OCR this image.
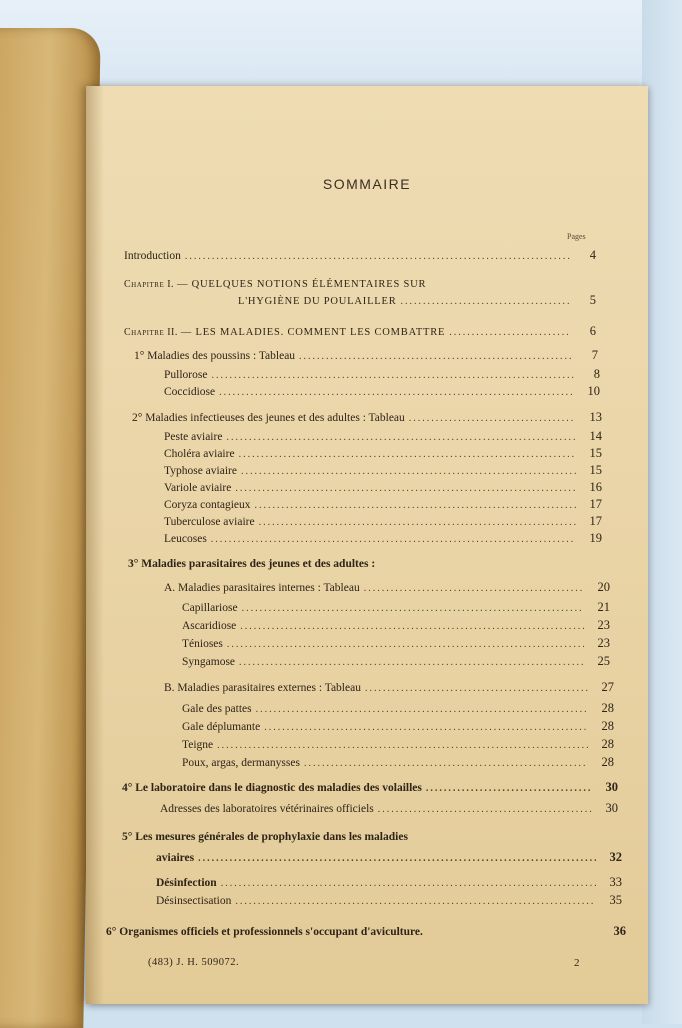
SOMMAIRE
Pages
Introduction .....	4
Chapitre I. — QUELQUES NOTIONS ÉLÉMENTAIRES SUR
L'HYGIÈNE DU POULAILLER .....	5
Chapitre II. — LES MALADIES. COMMENT LES COMBATTRE .....	6
1° Maladies des poussins : Tableau .....	7
Pullorose .....	8
Coccidiose .....	10
2° Maladies infectieuses des jeunes et des adultes : Tableau .....	13
Peste aviaire .....	14
Choléra aviaire .....	15
Typhose aviaire .....	15
Variole aviaire .....	16
Coryza contagieux .....	17
Tuberculose aviaire .....	17
Leucoses .....	19
3° Maladies parasitaires des jeunes et des adultes :
A. Maladies parasitaires internes : Tableau .....	20
Capillariose .....	21
Ascaridiose .....	23
Ténioses .....	23
Syngamose .....	25
B. Maladies parasitaires externes : Tableau .....	27
Gale des pattes .....	28
Gale déplumante .....	28
Teigne .....	28
Poux, argas, dermanysses .....	28
4° Le laboratoire dans le diagnostic des maladies des volailles .....	30
Adresses des laboratoires vétérinaires officiels .....	30
5° Les mesures générales de prophylaxie dans les maladies
aviaires .....	32
Désinfection .....	33
Désinsectisation .....	35
6° Organismes officiels et professionnels s'occupant d'aviculture.	36
(483) J. H. 509072.	2
